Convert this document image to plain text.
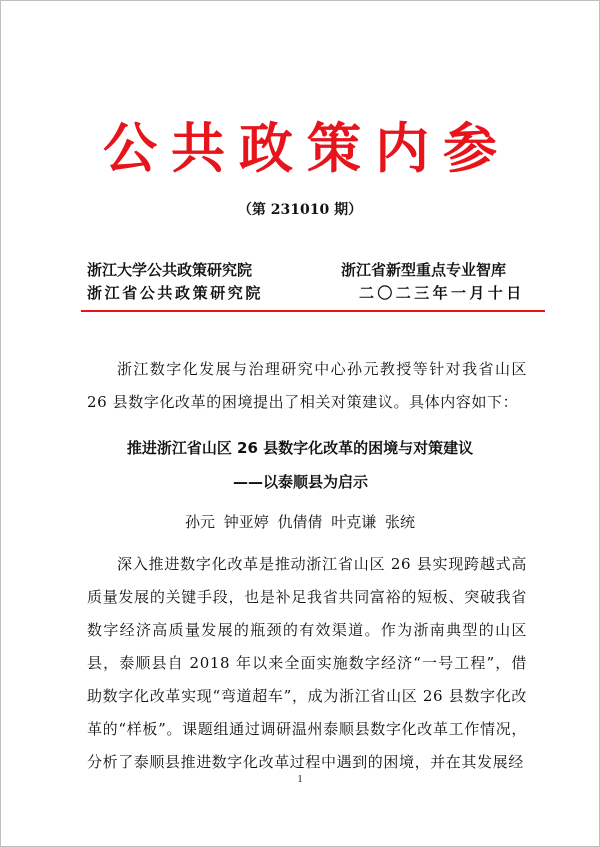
公共政策内参
（第 231010 期）
浙江大学公共政策研究院
浙江省公共政策研究院
浙江省新型重点专业智库
二〇二三年一月十日
浙江数字化发展与治理研究中心孙元教授等针对我省山区 26 县数字化改革的困境提出了相关对策建议。具体内容如下：
推进浙江省山区 26 县数字化改革的困境与对策建议
——以泰顺县为启示
孙元 钟亚婷 仇倩倩 叶克谦 张统
深入推进数字化改革是推动浙江省山区 26 县实现跨越式高质量发展的关键手段，也是补足我省共同富裕的短板、突破我省数字经济高质量发展的瓶颈的有效渠道。作为浙南典型的山区县，泰顺县自 2018 年以来全面实施数字经济“一号工程”，借助数字化改革实现“弯道超车”，成为浙江省山区 26 县数字化改革的“样板”。课题组通过调研温州泰顺县数字化改革工作情况，分析了泰顺县推进数字化改革过程中遇到的困境，并在其发展经
1
